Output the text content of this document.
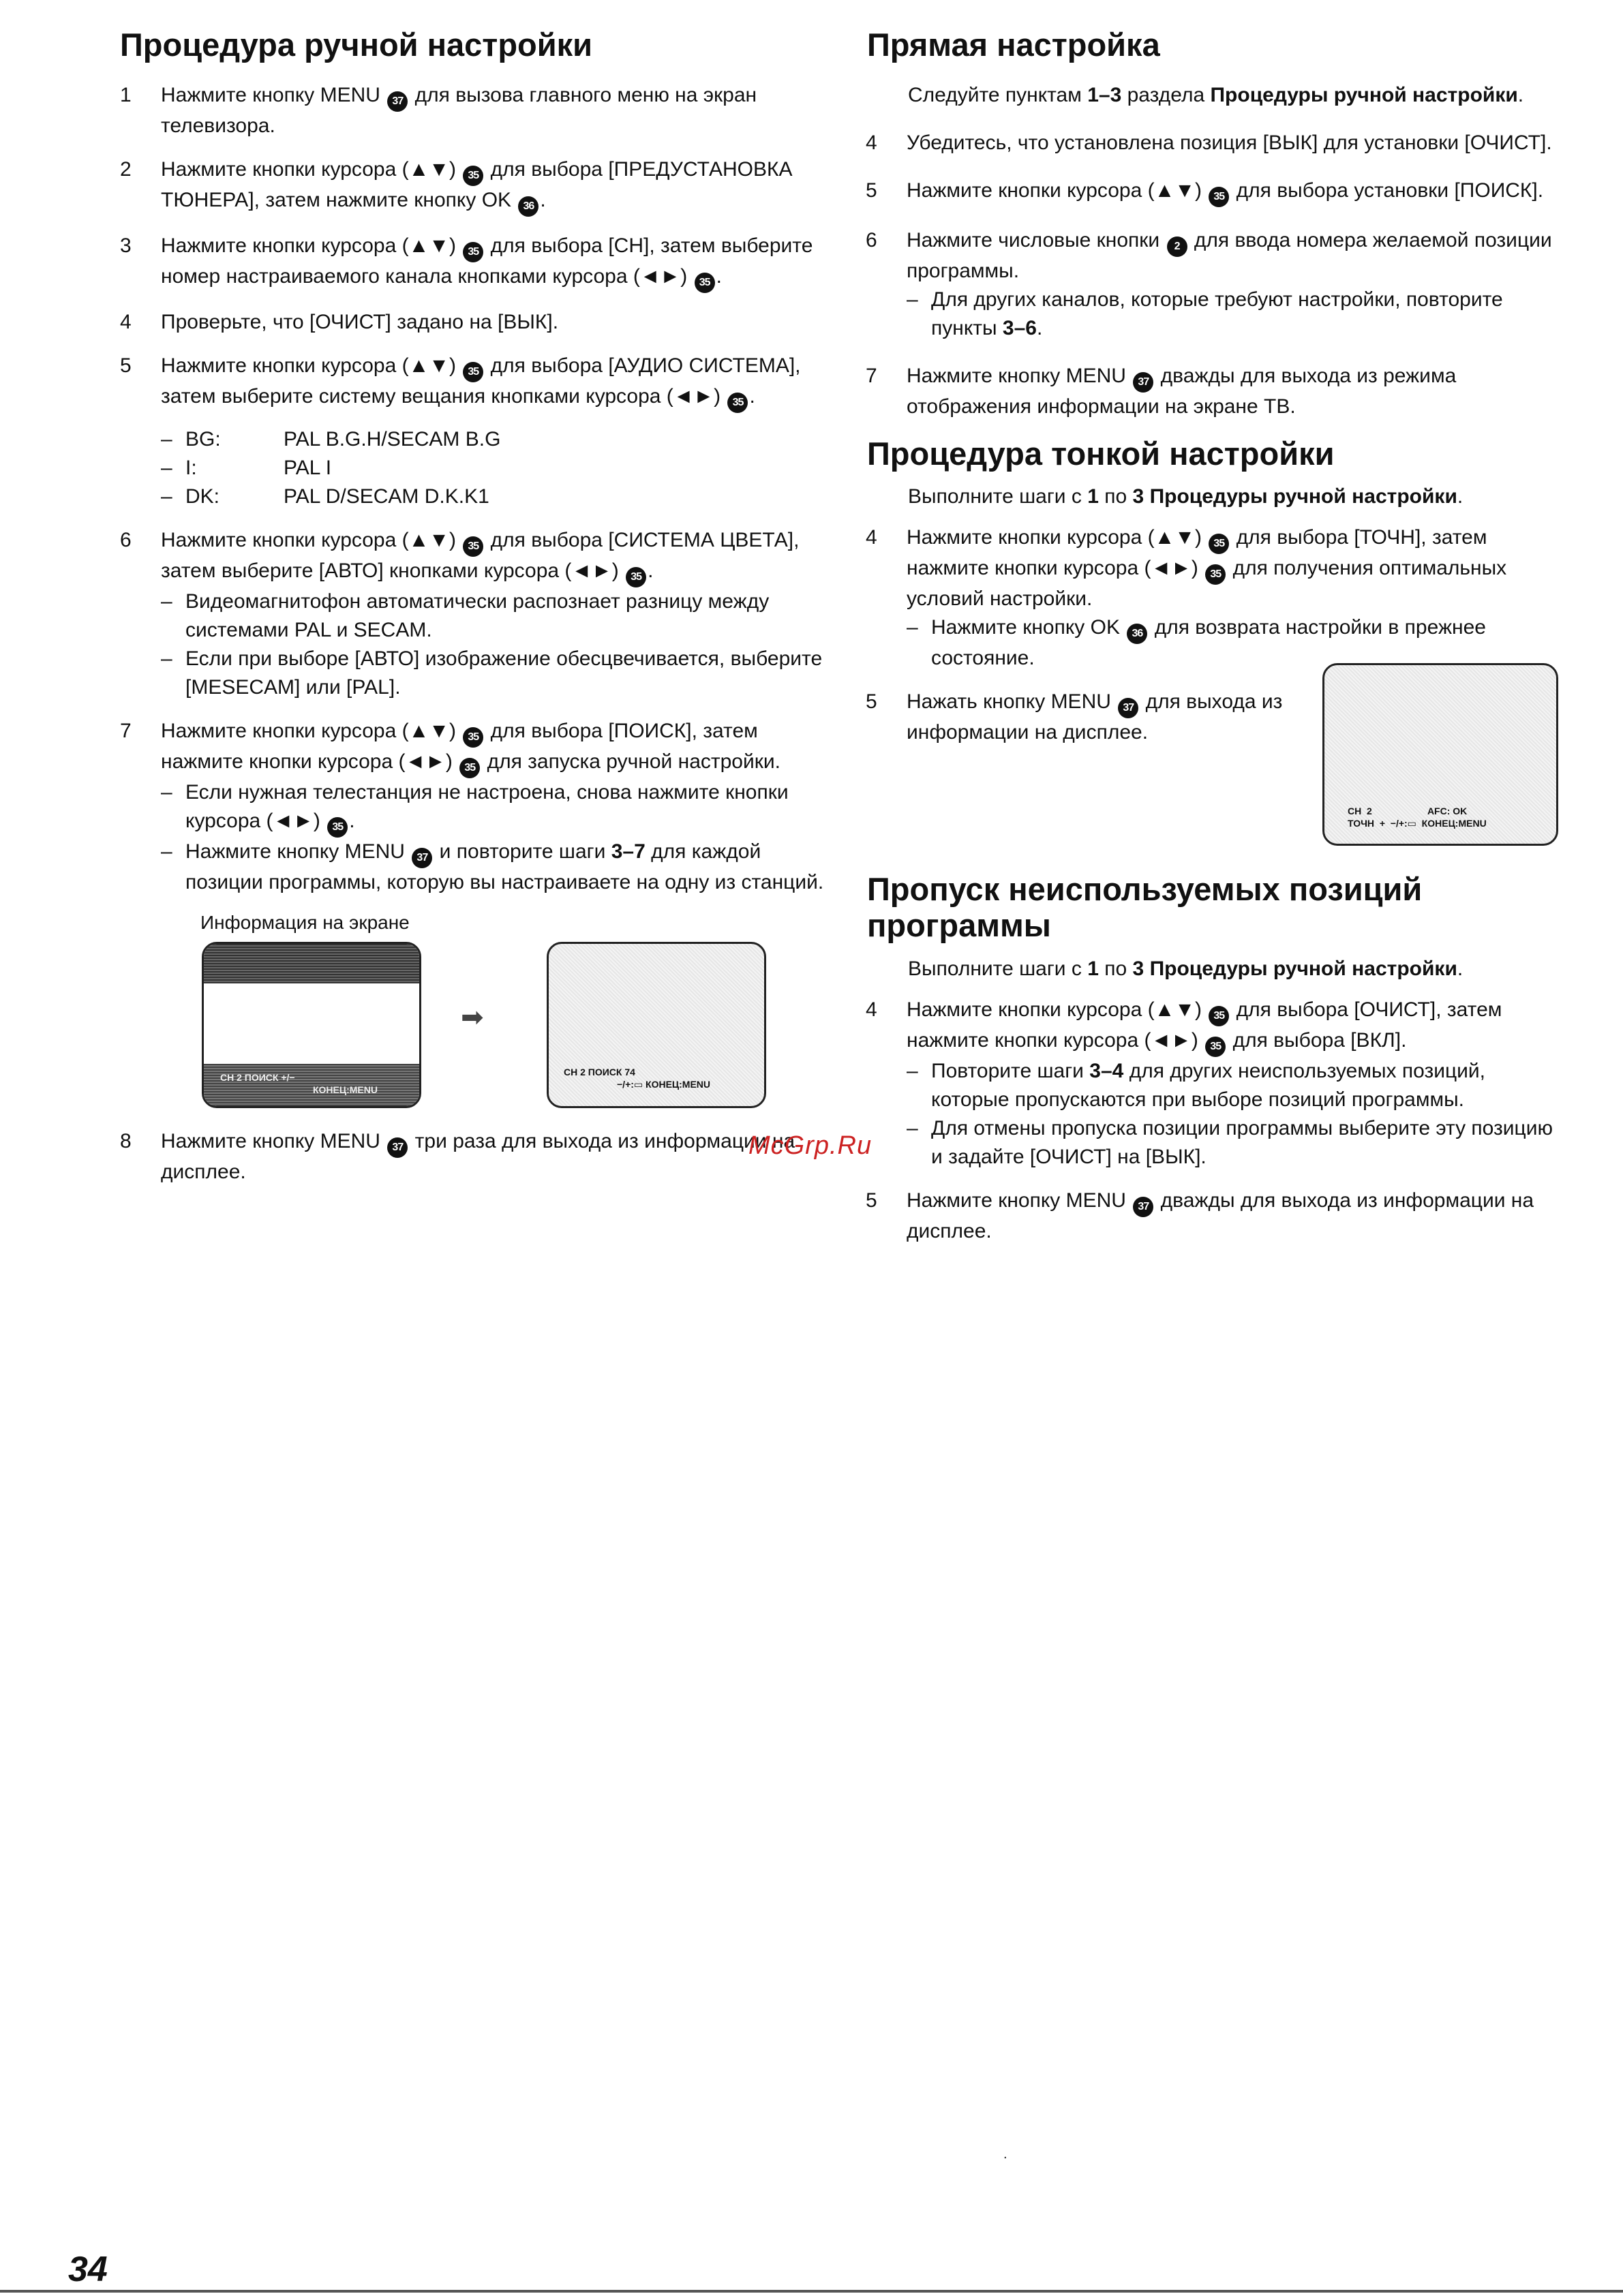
Процедура ручной настройки
1	Нажмите кнопку MENU 37 для вызова главного меню на экран телевизора.
2	Нажмите кнопки курсора (▲▼) 35 для выбора [ПРЕДУСТАНОВКА ТЮНЕРА], затем нажмите кнопку OK 36 .
3	Нажмите кнопки курсора (▲▼) 35 для выбора [CH], затем выберите номер настраиваемого канала кнопками курсора (◄►) 35 .
4	Проверьте, что [ОЧИСТ] задано на [ВЫК].
5	Нажмите кнопки курсора (▲▼) 35 для выбора [АУДИО СИСТЕМА], затем выберите систему вещания кнопками курсора (◄►) 35 .
– BG:	PAL B.G.H/SECAM B.G
– I:	PAL I
– DK:	PAL D/SECAM D.K.K1
6	Нажмите кнопки курсора (▲▼) 35 для выбора [СИСТЕМА ЦВЕТА], затем выберите [АВТО] кнопками курсора (◄►) 35 .
– Видеомагнитофон автоматически распознает разницу между системами PAL и SECAM.
– Если при выборе [АВТО] изображение обесцвечивается, выберите [MESECAM] или [PAL].
7	Нажмите кнопки курсора (▲▼) 35 для выбора [ПОИСК], затем нажмите кнопки курсора (◄►) 35 для запуска ручной настройки.
– Если нужная телестанция не настроена, снова нажмите кнопки курсора (◄►) 35 .
– Нажмите кнопку MENU 37 и повторите шаги 3–7 для каждой позиции программы, которую вы настраиваете на одну из станций.
Информация на экране
CH 2 ПОИСК +/−
КОНЕЦ:MENU
➡
CH 2 ПОИСК 74
−/+:▭ КОНЕЦ:MENU
8	Нажмите кнопку MENU 37 три раза для выхода из информации на дисплее.
Прямая настройка
Следуйте пунктам 1–3 раздела Процедуры ручной настройки.
4	Убедитесь, что установлена позиция [ВЫК] для установки [ОЧИСТ].
5	Нажмите кнопки курсора (▲▼) 35 для выбора установки [ПОИСК].
6	Нажмите числовые кнопки 2 для ввода номера желаемой позиции программы.
– Для других каналов, которые требуют настройки, повторите пункты 3–6.
7	Нажмите кнопку MENU 37 дважды для выхода из режима отображения информации на экране ТВ.
Процедура тонкой настройки
Выполните шаги с 1 по 3 Процедуры ручной настройки.
4	Нажмите кнопки курсора (▲▼) 35 для выбора [ТОЧН], затем нажмите кнопки курсора (◄►) 35 для получения оптимальных условий настройки.
– Нажмите кнопку OK 36 для возврата настройки в прежнее состояние.
5	Нажать кнопку MENU 37 для выхода из информации на дисплее.
CH  2                     AFC: OK
ТОЧН  +  −/+:▭  КОНЕЦ:MENU
Пропуск неиспользуемых позиций программы
Выполните шаги с 1 по 3 Процедуры ручной настройки.
4	Нажмите кнопки курсора (▲▼) 35 для выбора [ОЧИСТ], затем нажмите кнопки курсора (◄►) 35 для выбора [ВКЛ].
– Повторите шаги 3–4 для других неиспользуемых позиций, которые пропускаются при выборе позиций программы.
– Для отмены пропуска позиции программы выберите эту позицию и задайте [ОЧИСТ] на [ВЫК].
5	Нажмите кнопку MENU 37 дважды для выхода из информации на дисплее.
McGrp.Ru
.
34
